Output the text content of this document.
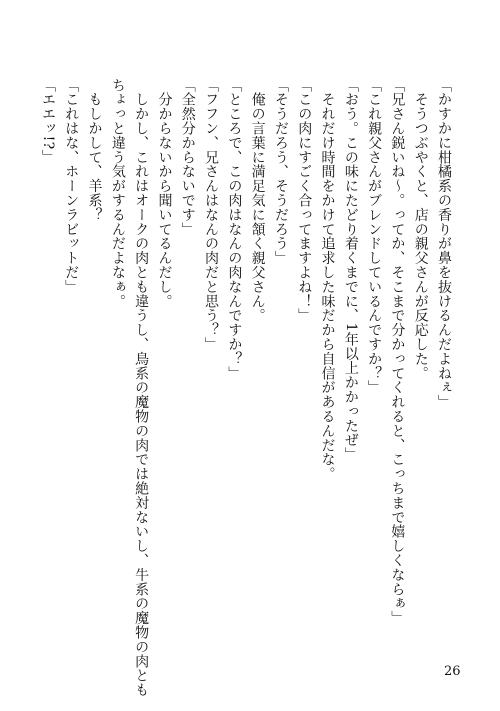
「かすかに柑橘系の香りが鼻を抜けるんだよねぇ」
　そうつぶやくと、店の親父さんが反応した。
「兄さん鋭いね～。ってか、そこまで分かってくれると、こっちまで嬉しくならぁ」
「これ親父さんがブレンドしているんですか？」
「おう。この味にたどり着くまでに、1年以上かかったぜ」
　それだけ時間をかけて追求した味だから自信があるんだな。
「この肉にすごく合ってますよね！」
「そうだろう、そうだろう」
　俺の言葉に満足気に頷く親父さん。
「ところで、この肉はなんの肉なんですか？」
「フフン、兄さんはなんの肉だと思う？」
「全然分からないです」
　分からないから聞いてるんだし。
　しかし、これはオークの肉とも違うし、鳥系の魔物の肉では絶対ないし、牛系の魔物の肉とも
ちょっと違う気がするんだよなぁ。
　もしかして、羊系？
「これはな、ホーンラビットだ」
「エエッ!?」
26
